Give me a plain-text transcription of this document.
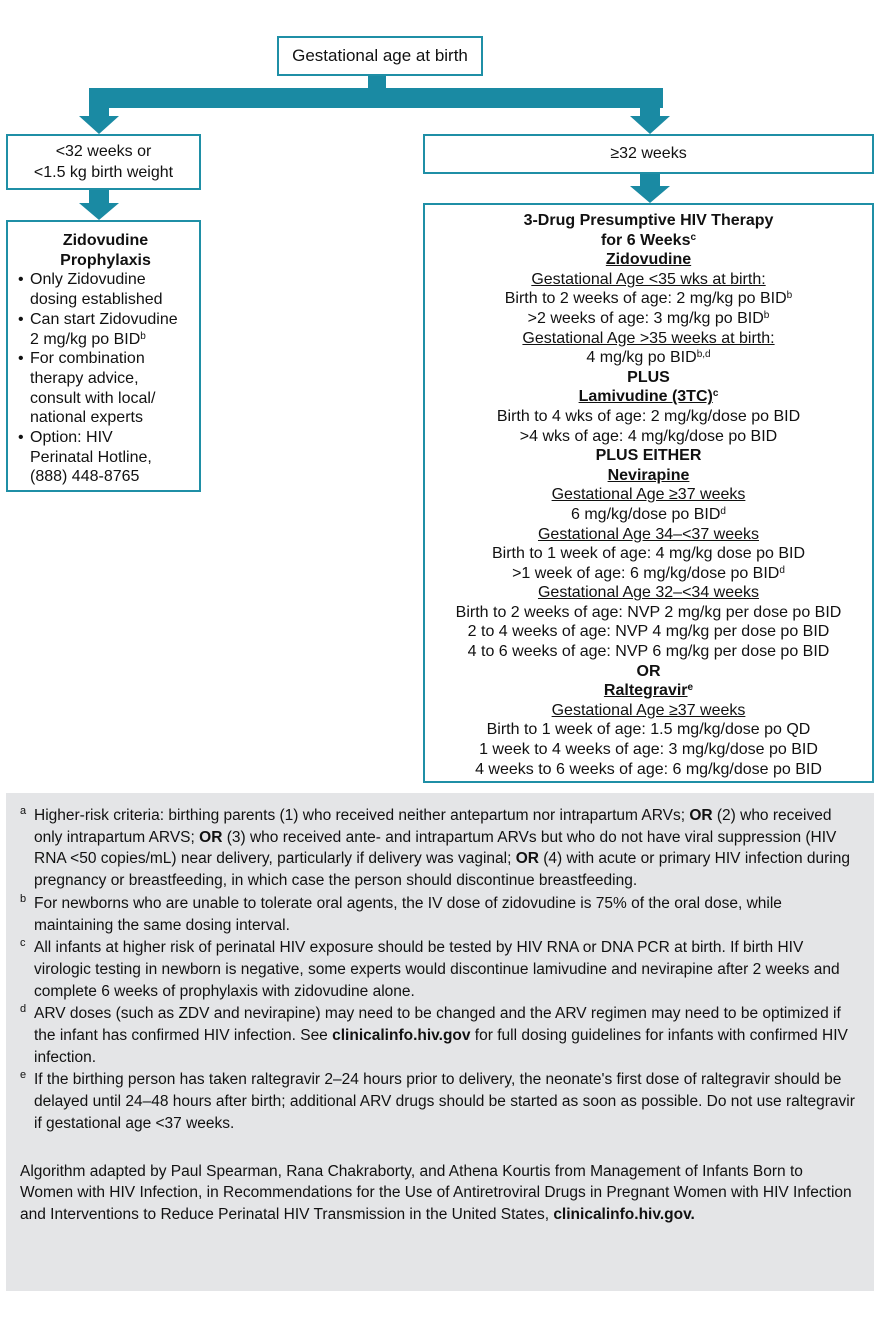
Gestational age at birth
<32 weeks or
<1.5 kg birth weight
≥32 weeks
Zidovudine
Prophylaxis
• Only Zidovudine
dosing established
• Can start Zidovudine
2 mg/kg po BID$^b$
• For combination
therapy advice,
consult with local/
national experts
• Option: HIV
Perinatal Hotline,
(888) 448-8765
3-Drug Presumptive HIV Therapy
for 6 Weeks$^c$
Zidovudine
Gestational Age <35 wks at birth:
Birth to 2 weeks of age: 2 mg/kg po $BID^b$
>2 weeks of age: 3 mg/kg po BID$^b$
Gestational Age >35 weeks at birth:
4 mg/kg po BID$^{b,d}$
PLUS
Lamivudine $(3TC)^c$
Birth to 4 wks of age: 2 mg/kg/dose po BID
>4 wks of age: 4 mg/kg/dose po BID
PLUS EITHER
Nevirapine
Gestational Age ≥37 weeks
6 mg/kg/dose po BID$^d$
Gestational Age 34–<37 weeks
Birth to 1 week of age: 4 mg/kg dose po BID
>1 week of age: 6 mg/kg/dose po BID$^d$
Gestational Age 32–<34 weeks
Birth to 2 weeks of age: NVP 2 mg/kg per dose po BID
2 to 4 weeks of age: NVP 4 mg/kg per dose po BID
4 to 6 weeks of age: NVP 6 mg/kg per dose po BID
OR
Raltegravir$^e$
Gestational Age ≥37 weeks
Birth to 1 week of age: 1.5 mg/kg/dose po QD
1 week to 4 weeks of age: 3 mg/kg/dose po BID
4 weeks to 6 weeks of age: 6 mg/kg/dose po BID
a Higher-risk criteria: birthing parents (1) who received neither antepartum nor intrapartum ARVs; OR (2) who received only intrapartum ARVS; OR (3) who received ante- and intrapartum ARVs but who do not have viral suppression (HIV RNA <50 copies/mL) near delivery, particularly if delivery was vaginal; OR (4) with acute or primary HIV infection during pregnancy or breastfeeding, in which case the person should discontinue breastfeeding.
b For newborns who are unable to tolerate oral agents, the IV dose of zidovudine is 75% of the oral dose, while maintaining the same dosing interval.
c All infants at higher risk of perinatal HIV exposure should be tested by HIV RNA or DNA PCR at birth. If birth HIV virologic testing in newborn is negative, some experts would discontinue lamivudine and nevirapine after 2 weeks and complete 6 weeks of prophylaxis with zidovudine alone.
d ARV doses (such as ZDV and nevirapine) may need to be changed and the ARV regimen may need to be optimized if the infant has confirmed HIV infection. See clinicalinfo.hiv.gov for full dosing guidelines for infants with confirmed HIV infection.
e If the birthing person has taken raltegravir 2–24 hours prior to delivery, the neonate's first dose of raltegravir should be delayed until 24–48 hours after birth; additional ARV drugs should be started as soon as possible. Do not use raltegravir if gestational age <37 weeks.
Algorithm adapted by Paul Spearman, Rana Chakraborty, and Athena Kourtis from Management of Infants Born to Women with HIV Infection, in Recommendations for the Use of Antiretroviral Drugs in Pregnant Women with HIV Infection and Interventions to Reduce Perinatal HIV Transmission in the United States, clinicalinfo.hiv.gov.
